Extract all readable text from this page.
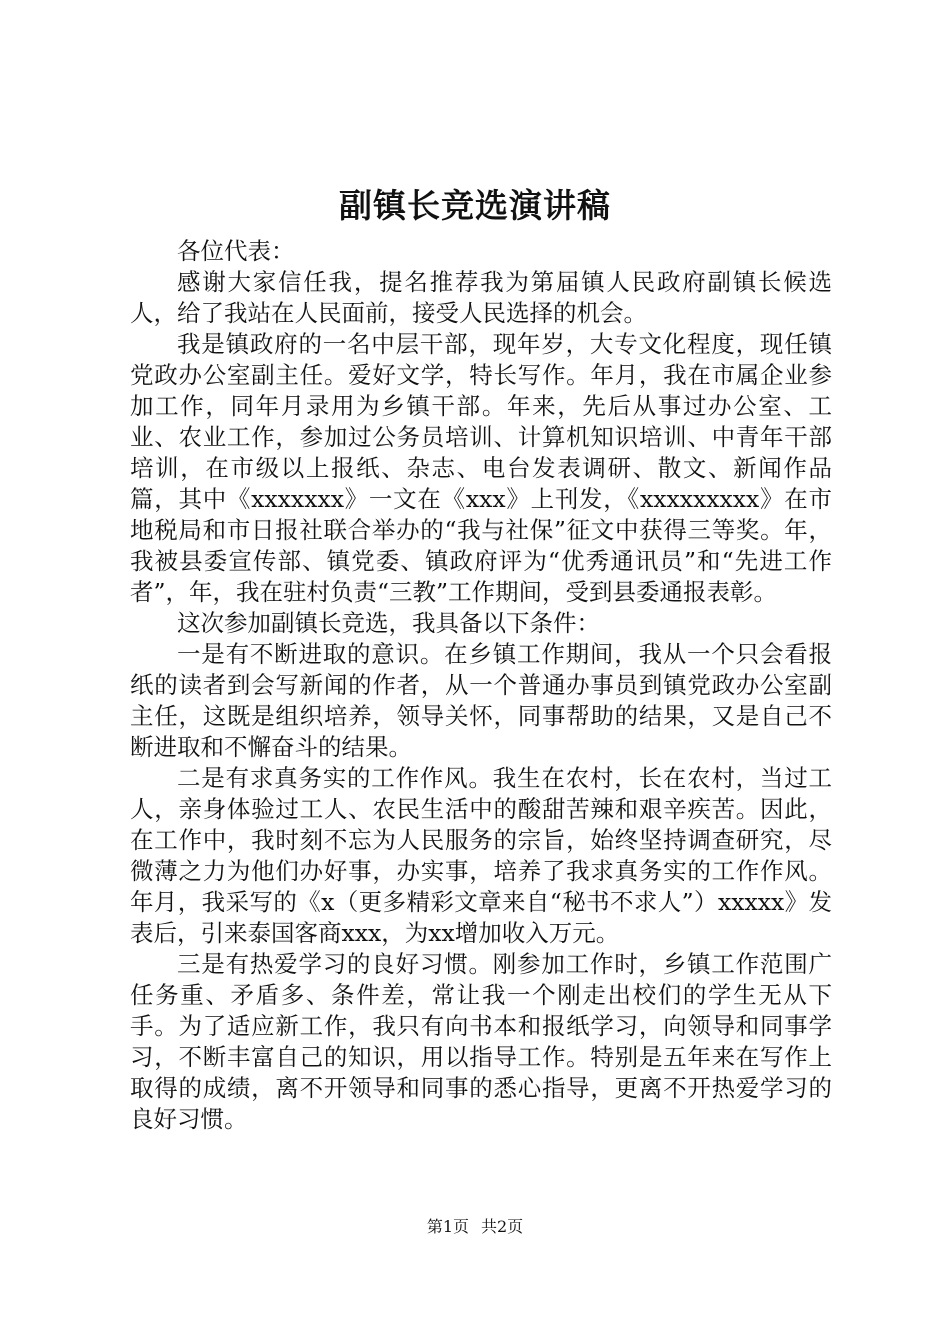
副镇长竞选演讲稿

各位代表：

感谢大家信任我，提名推荐我为第届镇人民政府副镇长候选人，给了我站在人民面前，接受人民选择的机会。

我是镇政府的一名中层干部，现年岁，大专文化程度，现任镇党政办公室副主任。爱好文学，特长写作。年月，我在市属企业参加工作，同年月录用为乡镇干部。年来，先后从事过办公室、工业、农业工作，参加过公务员培训、计算机知识培训、中青年干部培训，在市级以上报纸、杂志、电台发表调研、散文、新闻作品篇，其中《xxxxxxx》一文在《xxx》上刊发，《xxxxxxxxx》在市地税局和市日报社联合举办的“我与社保”征文中获得三等奖。年，我被县委宣传部、镇党委、镇政府评为“优秀通讯员”和“先进工作者”，年，我在驻村负责“三教”工作期间，受到县委通报表彰。

这次参加副镇长竞选，我具备以下条件：

一是有不断进取的意识。在乡镇工作期间，我从一个只会看报纸的读者到会写新闻的作者，从一个普通办事员到镇党政办公室副主任，这既是组织培养，领导关怀，同事帮助的结果，又是自己不断进取和不懈奋斗的结果。

二是有求真务实的工作作风。我生在农村，长在农村，当过工人，亲身体验过工人、农民生活中的酸甜苦辣和艰辛疾苦。因此，在工作中，我时刻不忘为人民服务的宗旨，始终坚持调查研究，尽微薄之力为他们办好事，办实事，培养了我求真务实的工作作风。年月，我采写的《x（更多精彩文章来自“秘书不求人”）xxxxx》发表后，引来泰国客商xxx，为xx增加收入万元。

三是有热爱学习的良好习惯。刚参加工作时，乡镇工作范围广任务重、矛盾多、条件差，常让我一个刚走出校们的学生无从下手。为了适应新工作，我只有向书本和报纸学习，向领导和同事学习，不断丰富自己的知识，用以指导工作。特别是五年来在写作上取得的成绩，离不开领导和同事的悉心指导，更离不开热爱学习的良好习惯。

第1页 共2页
